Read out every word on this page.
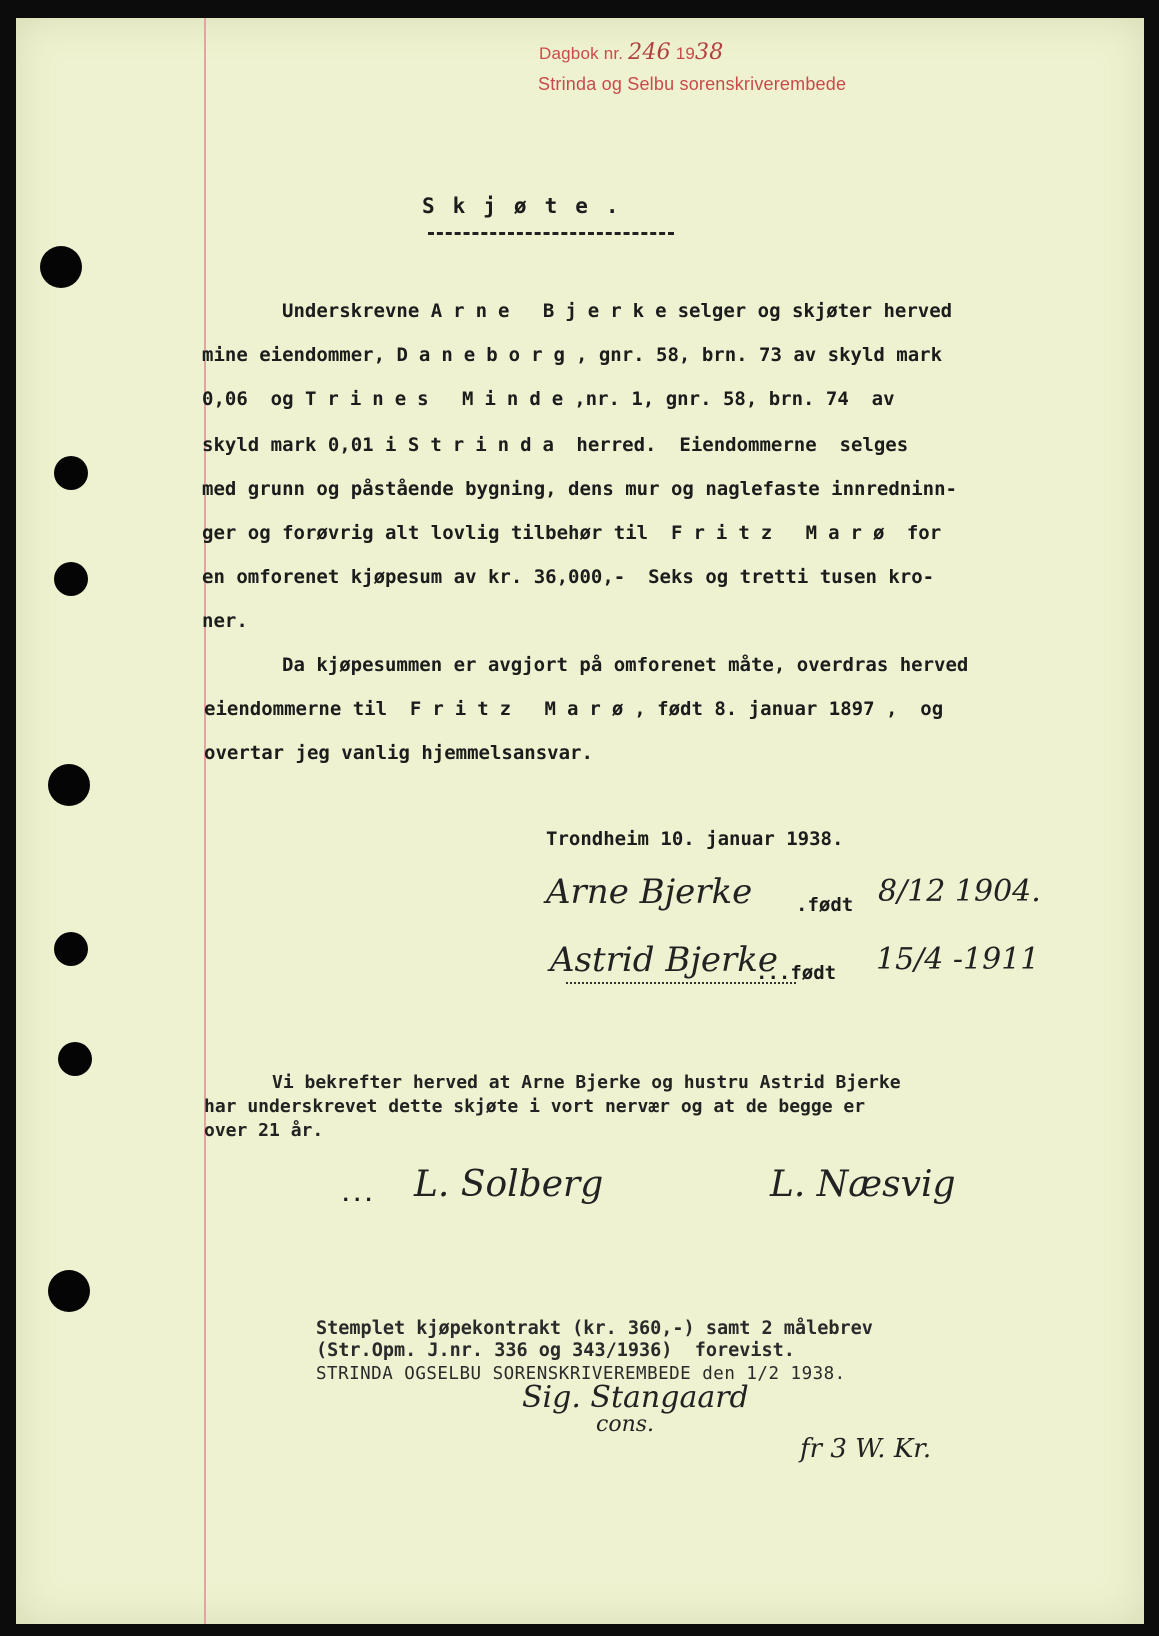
Dagbok nr. 246 1938
Strinda og Selbu sorenskriverembede
Skjøte.
Underskrevne Arne Bjerkeselger og skjøter herved
mine eiendommer, Daneborg, gnr. 58, brn. 73 av skyld mark
0,06  og Trines Minde,nr. 1, gnr. 58, brn. 74  av
skyld mark 0,01 i Strinda herred.  Eiendommerne  selges
med grunn og påstående bygning, dens mur og naglefaste innredninn-
ger og forøvrig alt lovlig tilbehør til  Fritz Marø for
en omforenet kjøpesum av kr. 36,000,-  Seks og tretti tusen kro-
ner.
Da kjøpesummen er avgjort på omforenet måte, overdras herved
eiendommerne til  Fritz Marø, født 8. januar 1897 ,  og
overtar jeg vanlig hjemmelsansvar.
Trondheim 10. januar 1938.
Arne Bjerke .født 8/12 1904.
Astrid Bjerke
...født 15/4 -1911
Vi bekrefter herved at Arne Bjerke og hustru Astrid Bjerke
har underskrevet dette skjøte i vort nervær og at de begge er
over 21 år.
... L. Solberg	L. Næsvig
Stemplet kjøpekontrakt (kr. 360,-) samt 2 målebrev
(Str.Opm. J.nr. 336 og 343/1936)  forevist.
STRINDA OGSELBU SORENSKRIVEREMBEDE den 1/2 1938.
Sig. Stangaard
cons.
fr 3 W. Kr.
